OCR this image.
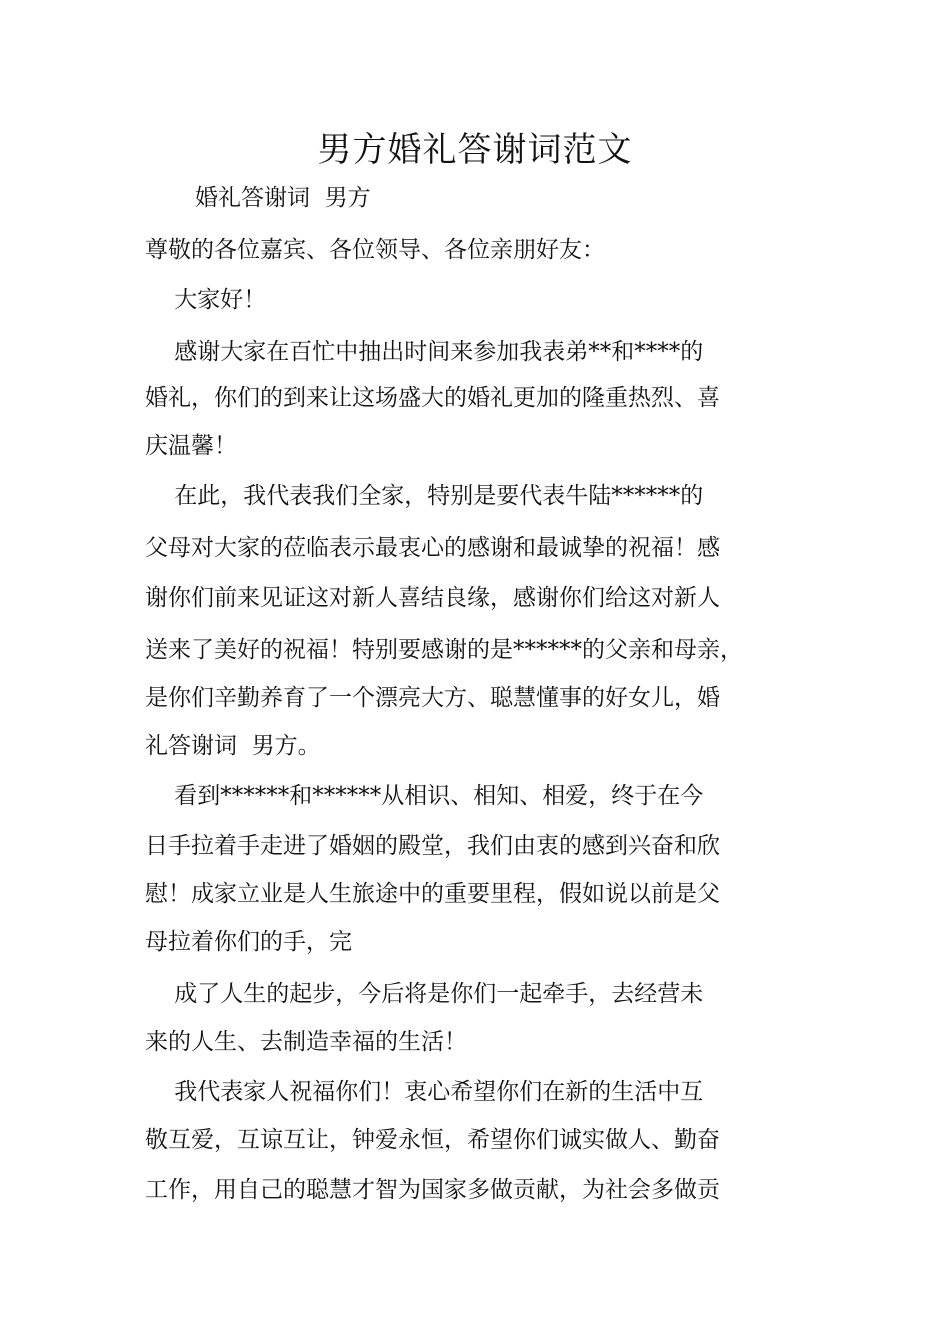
男方婚礼答谢词范文

婚礼答谢词  男方

尊敬的各位嘉宾、各位领导、各位亲朋好友：

大家好！

感谢大家在百忙中抽出时间来参加我表弟**和****的

婚礼，你们的到来让这场盛大的婚礼更加的隆重热烈、喜

庆温馨！

在此，我代表我们全家，特别是要代表牛陆******的

父母对大家的莅临表示最衷心的感谢和最诚挚的祝福！感

谢你们前来见证这对新人喜结良缘，感谢你们给这对新人

送来了美好的祝福！特别要感谢的是******的父亲和母亲，

是你们辛勤养育了一个漂亮大方、聪慧懂事的好女儿，婚

礼答谢词  男方。

看到******和******从相识、相知、相爱，终于在今

日手拉着手走进了婚姻的殿堂，我们由衷的感到兴奋和欣

慰！成家立业是人生旅途中的重要里程，假如说以前是父

母拉着你们的手，完

成了人生的起步，今后将是你们一起牵手，去经营未

来的人生、去制造幸福的生活！

我代表家人祝福你们！衷心希望你们在新的生活中互

敬互爱，互谅互让，钟爱永恒，希望你们诚实做人、勤奋

工作，用自己的聪慧才智为国家多做贡献，为社会多做贡
